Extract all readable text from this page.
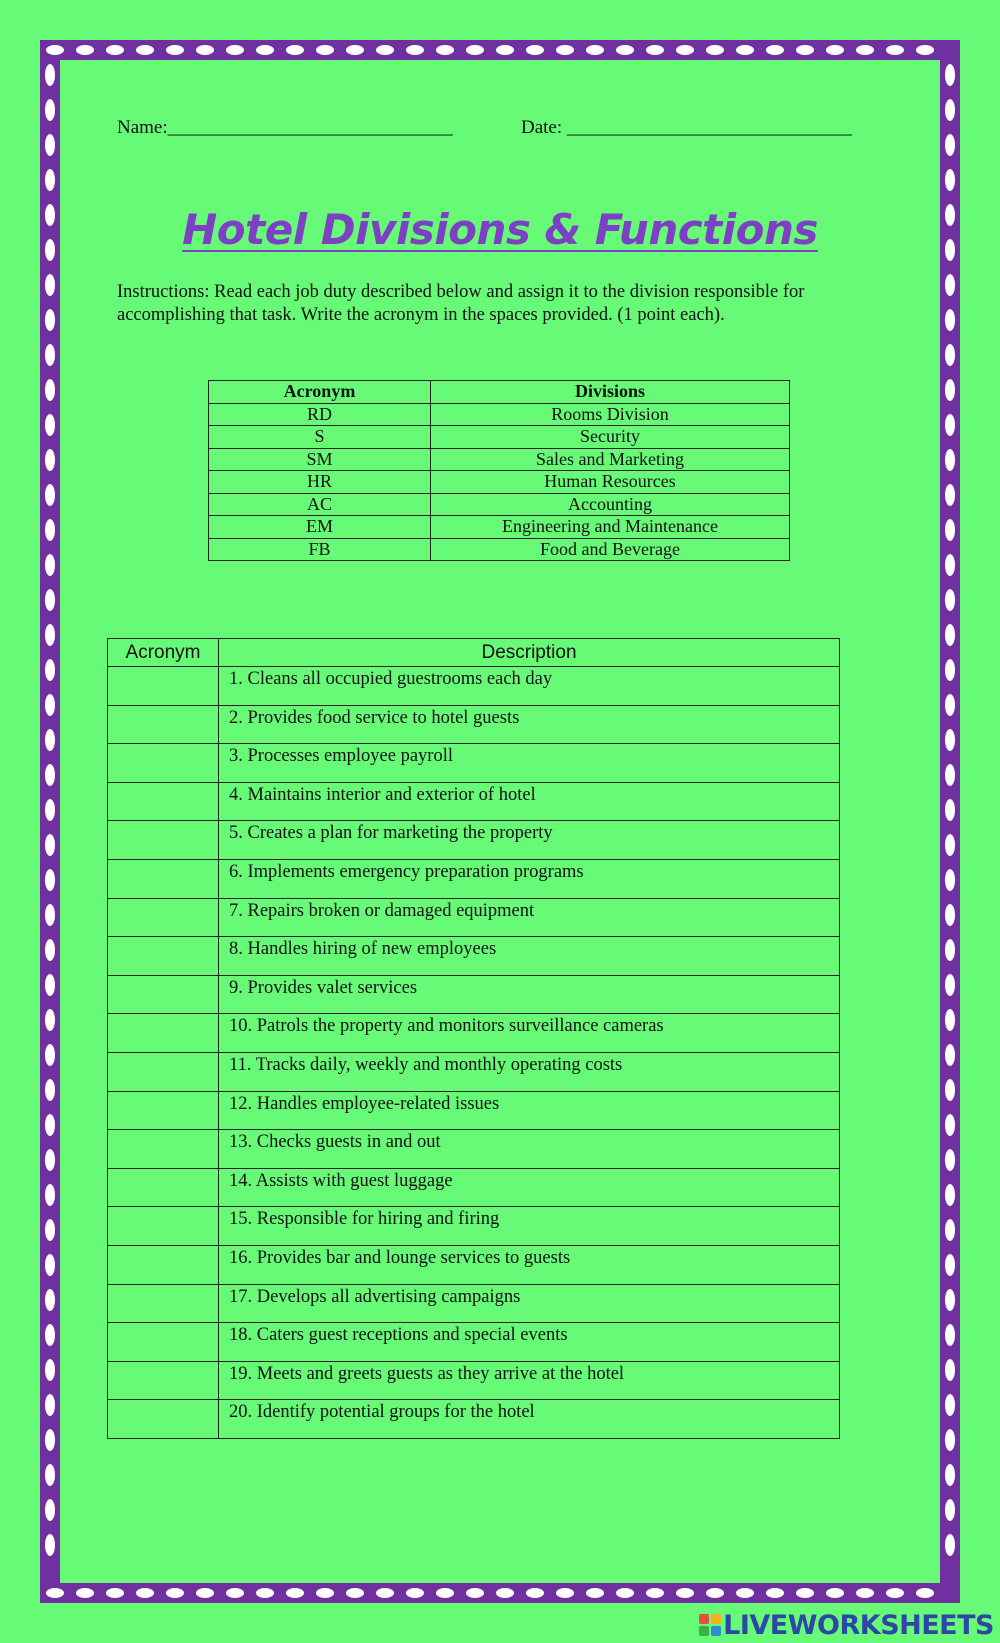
Name:______________________________	Date: ______________________________
Hotel Divisions & Functions
Instructions: Read each job duty described below and assign it to the division responsible for accomplishing that task. Write the acronym in the spaces provided. (1 point each).
Acronym	Divisions
RD	Rooms Division
S	Security
SM	Sales and Marketing
HR	Human Resources
AC	Accounting
EM	Engineering and Maintenance
FB	Food and Beverage
Acronym	Description
	1. Cleans all occupied guestrooms each day
	2. Provides food service to hotel guests
	3. Processes employee payroll
	4. Maintains interior and exterior of hotel
	5. Creates a plan for marketing the property
	6. Implements emergency preparation programs
	7. Repairs broken or damaged equipment
	8. Handles hiring of new employees
	9. Provides valet services
	10. Patrols the property and monitors surveillance cameras
	11. Tracks daily, weekly and monthly operating costs
	12. Handles employee-related issues
	13. Checks guests in and out
	14. Assists with guest luggage
	15. Responsible for hiring and firing
	16. Provides bar and lounge services to guests
	17. Develops all advertising campaigns
	18. Caters guest receptions and special events
	19. Meets and greets guests as they arrive at the hotel
	20. Identify potential groups for the hotel
LIVEWORKSHEETS
